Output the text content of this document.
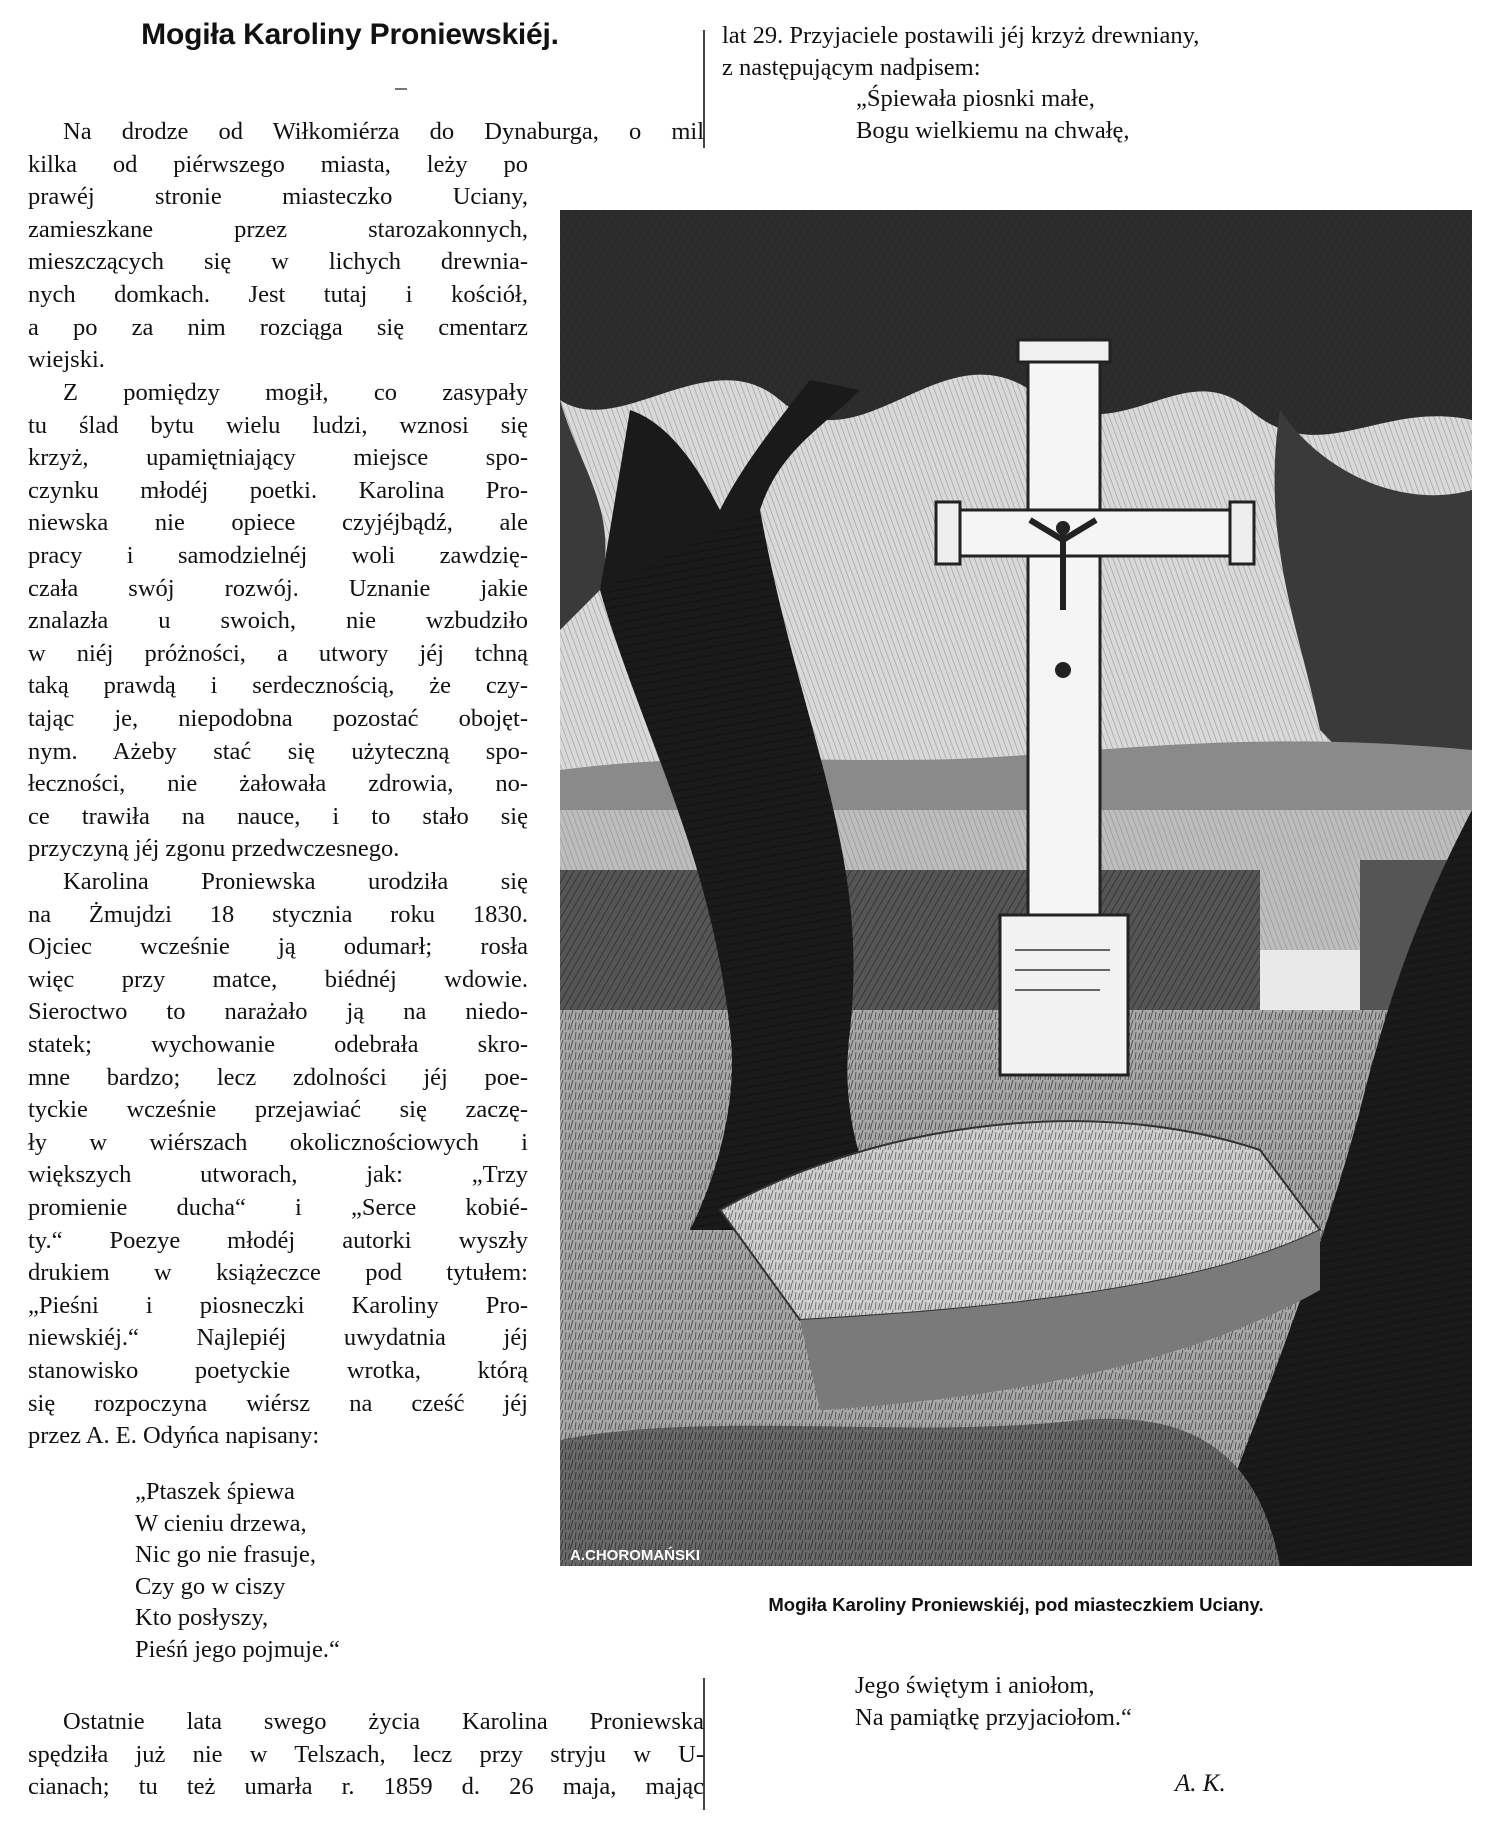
Mogiła Karoliny Proniewskiéj.

Na drodze od Wiłkomiérza do Dynaburga, o mil

kilka od piérwszego miasta, leży po
prawéj stronie miasteczko Uciany,
zamieszkane przez starozakonnych,
mieszczących się w lichych drewnia-
nych domkach. Jest tutaj i kościół,
a po za nim rozciąga się cmentarz
wiejski.

Z pomiędzy mogił, co zasypały
tu ślad bytu wielu ludzi, wznosi się
krzyż, upamiętniający miejsce spo-
czynku młodéj poetki. Karolina Pro-
niewska nie opiece czyjéjbądź, ale
pracy i samodzielnéj woli zawdzię-
czała swój rozwój. Uznanie jakie
znalazła u swoich, nie wzbudziło
w niéj próżności, a utwory jéj tchną
taką prawdą i serdecznością, że czy-
tając je, niepodobna pozostać obojęt-
nym. Ażeby stać się użyteczną spo-
łeczności, nie żałowała zdrowia, no-
ce trawiła na nauce, i to stało się
przyczyną jéj zgonu przedwczesnego.

Karolina Proniewska urodziła się
na Żmujdzi 18 stycznia roku 1830.
Ojciec wcześnie ją odumarł; rosła
więc przy matce, biédnéj wdowie.
Sieroctwo to narażało ją na niedo-
statek; wychowanie odebrała skro-
mne bardzo; lecz zdolności jéj poe-
tyckie wcześnie przejawiać się zaczę-
ły w wiérszach okolicznościowych i
większych utworach, jak: „Trzy
promienie ducha“ i „Serce kobié-
ty.“ Poezye młodéj autorki wyszły
drukiem w książeczce pod tytułem:
„Pieśni i piosneczki Karoliny Pro-
niewskiéj.“ Najlepiéj uwydatnia jéj
stanowisko poetyckie wrotka, którą
się rozpoczyna wiérsz na cześć jéj
przez A. E. Odyńca napisany:

„Ptaszek śpiewa
W cieniu drzewa,
Nic go nie frasuje,
Czy go w ciszy
Kto posłyszy,
Pieśń jego pojmuje.“
Ostatnie lata swego życia Karolina Proniewska
spędziła już nie w Telszach, lecz przy stryju w U-
cianach; tu też umarła r. 1859 d. 26 maja, mając
lat 29. Przyjaciele postawili jéj krzyż drewniany,
z następującym nadpisem:
„Śpiewała piosnki małe,
Bogu wielkiemu na chwałę,
A.CHOROMAŃSKI
Mogiła Karoliny Proniewskiéj, pod miasteczkiem Uciany.
Jego świętym i aniołom,
Na pamiątkę przyjaciołom.“
A. K.
